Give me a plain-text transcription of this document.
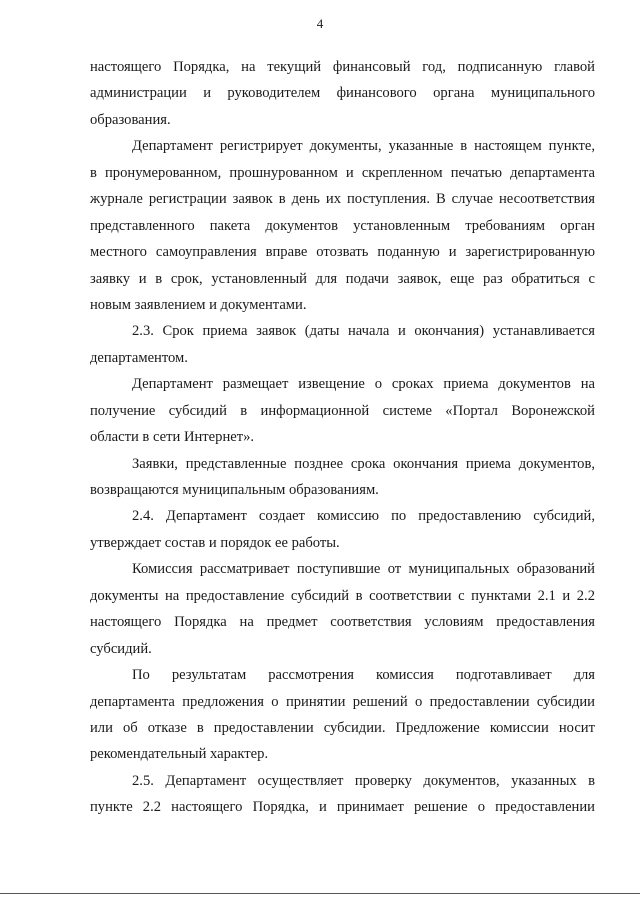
4
настоящего Порядка, на текущий финансовый год, подписанную главой
администрации и руководителем финансового органа муниципального
образования.
Департамент регистрирует документы, указанные в настоящем пункте,
в пронумерованном, прошнурованном и скрепленном печатью департамента
журнале регистрации заявок в день их поступления. В случае несоответствия
представленного пакета документов установленным требованиям орган
местного самоуправления вправе отозвать поданную и зарегистрированную
заявку и в срок, установленный для подачи заявок, еще раз обратиться с
новым заявлением и документами.
2.3. Срок приема заявок (даты начала и окончания) устанавливается
департаментом.
Департамент размещает извещение о сроках приема документов на
получение субсидий в информационной системе «Портал Воронежской
области в сети Интернет».
Заявки, представленные позднее срока окончания приема документов,
возвращаются муниципальным образованиям.
2.4. Департамент создает комиссию по предоставлению субсидий,
утверждает состав и порядок ее работы.
Комиссия рассматривает поступившие от муниципальных образований
документы на предоставление субсидий в соответствии с пунктами 2.1 и 2.2
настоящего Порядка на предмет соответствия условиям предоставления
субсидий.
По результатам рассмотрения комиссия подготавливает для
департамента предложения о принятии решений о предоставлении субсидии
или об отказе в предоставлении субсидии. Предложение комиссии носит
рекомендательный характер.
2.5. Департамент осуществляет проверку документов, указанных в
пункте 2.2 настоящего Порядка, и принимает решение о предоставлении
